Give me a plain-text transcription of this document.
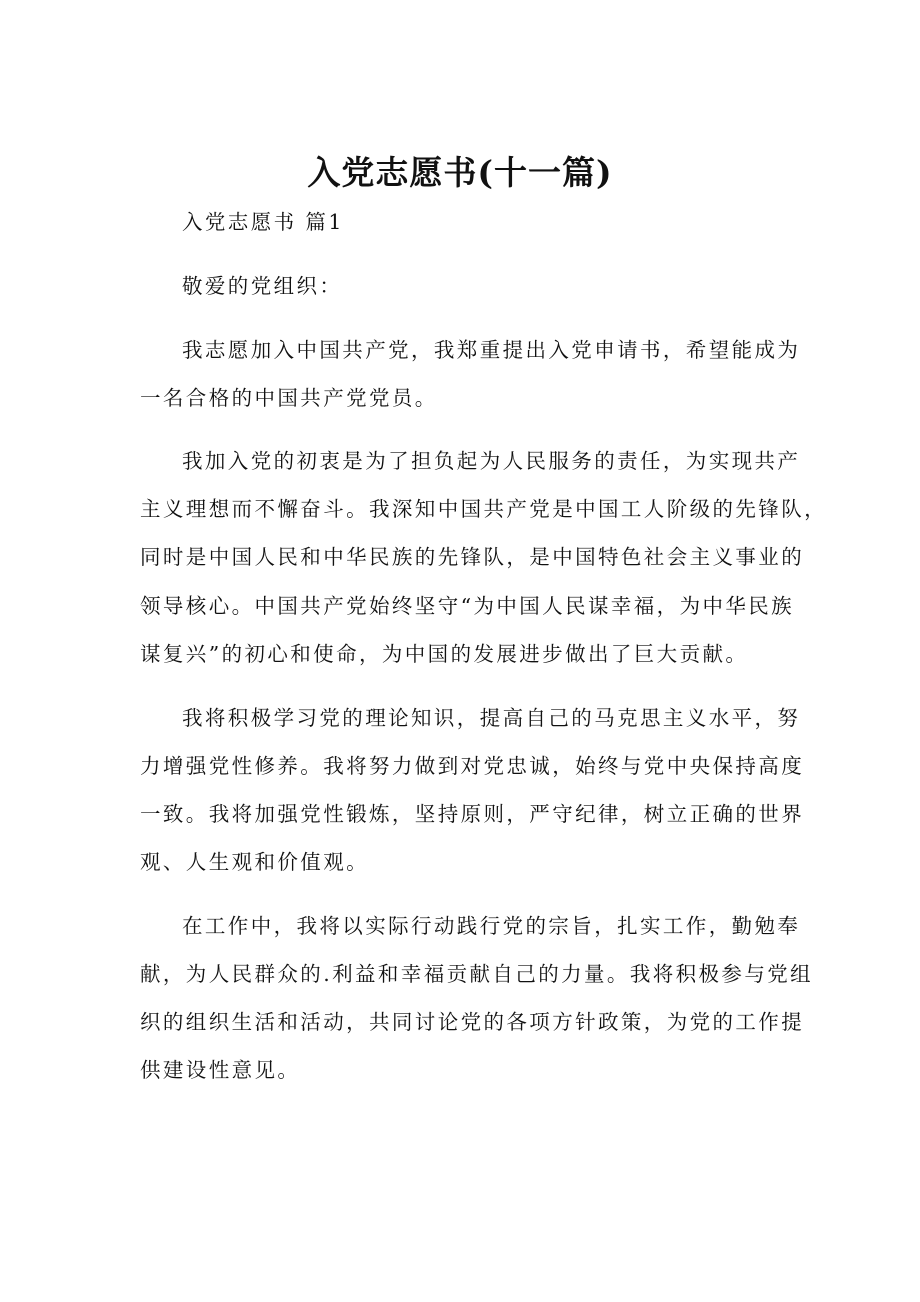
入党志愿书(十一篇)
入党志愿书 篇1
敬爱的党组织：
我志愿加入中国共产党，我郑重提出入党申请书，希望能成为
一名合格的中国共产党党员。
我加入党的初衷是为了担负起为人民服务的责任，为实现共产
主义理想而不懈奋斗。我深知中国共产党是中国工人阶级的先锋队，
同时是中国人民和中华民族的先锋队，是中国特色社会主义事业的
领导核心。中国共产党始终坚守“为中国人民谋幸福，为中华民族
谋复兴”的初心和使命，为中国的发展进步做出了巨大贡献。
我将积极学习党的理论知识，提高自己的马克思主义水平，努
力增强党性修养。我将努力做到对党忠诚，始终与党中央保持高度
一致。我将加强党性锻炼，坚持原则，严守纪律，树立正确的世界
观、人生观和价值观。
在工作中，我将以实际行动践行党的宗旨，扎实工作，勤勉奉
献，为人民群众的.利益和幸福贡献自己的力量。我将积极参与党组
织的组织生活和活动，共同讨论党的各项方针政策，为党的工作提
供建设性意见。
